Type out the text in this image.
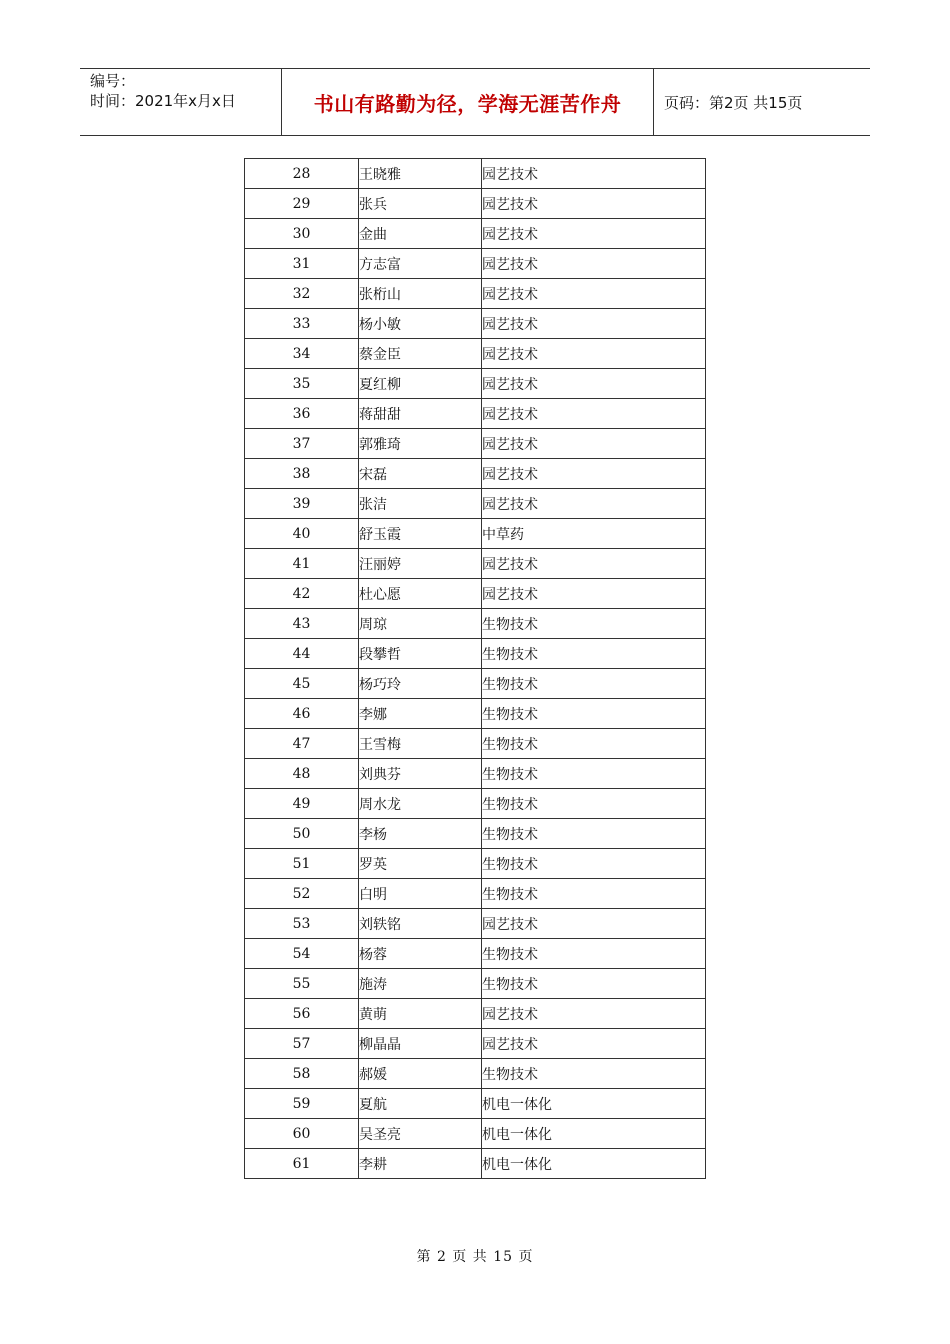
编号：
时间：2021年x月x日	书山有路勤为径，学海无涯苦作舟	页码：第2页 共15页
28	王晓雅	园艺技术
29	张兵	园艺技术
30	金曲	园艺技术
31	方志富	园艺技术
32	张桁山	园艺技术
33	杨小敏	园艺技术
34	蔡金臣	园艺技术
35	夏红柳	园艺技术
36	蒋甜甜	园艺技术
37	郭雅琦	园艺技术
38	宋磊	园艺技术
39	张洁	园艺技术
40	舒玉霞	中草药
41	汪丽婷	园艺技术
42	杜心愿	园艺技术
43	周琼	生物技术
44	段攀哲	生物技术
45	杨巧玲	生物技术
46	李娜	生物技术
47	王雪梅	生物技术
48	刘典芬	生物技术
49	周水龙	生物技术
50	李杨	生物技术
51	罗英	生物技术
52	白明	生物技术
53	刘轶铭	园艺技术
54	杨蓉	生物技术
55	施涛	生物技术
56	黄萌	园艺技术
57	柳晶晶	园艺技术
58	郝媛	生物技术
59	夏航	机电一体化
60	吴圣亮	机电一体化
61	李耕	机电一体化
第 2 页 共 15 页
